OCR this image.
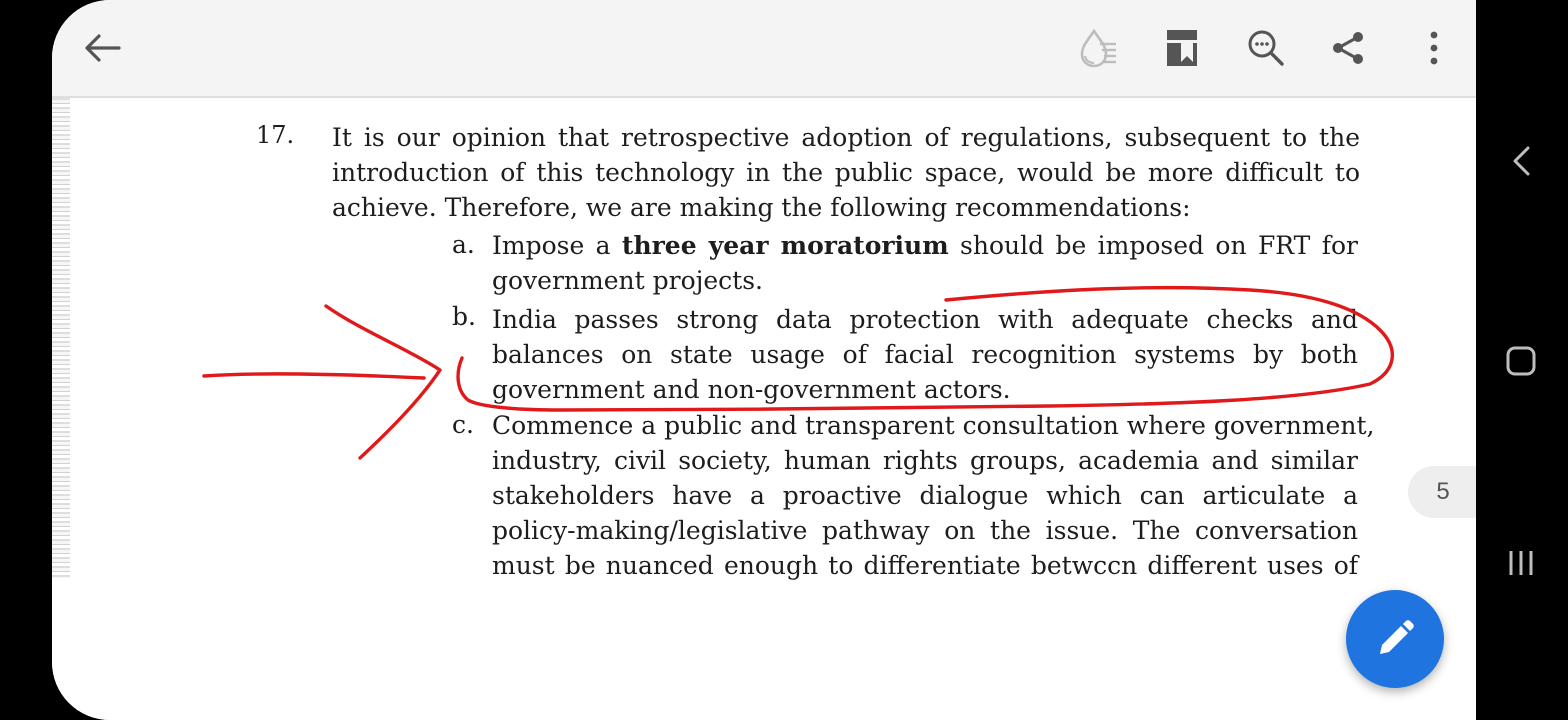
17. It is our opinion that retrospective adoption of regulations, subsequent to the
introduction of this technology in the public space, would be more difficult to
achieve. Therefore, we are making the following recommendations:
a. Impose a three year moratorium should be imposed on FRT for
government projects.
b. India passes strong data protection with adequate checks and
balances on state usage of facial recognition systems by both
government and non-government actors.
c. Commence a public and transparent consultation where government,
industry, civil society, human rights groups, academia and similar
stakeholders have a proactive dialogue which can articulate a
policy-making/legislative pathway on the issue. The conversation
must be nuanced enough to differentiate betwccn different uses of
5
